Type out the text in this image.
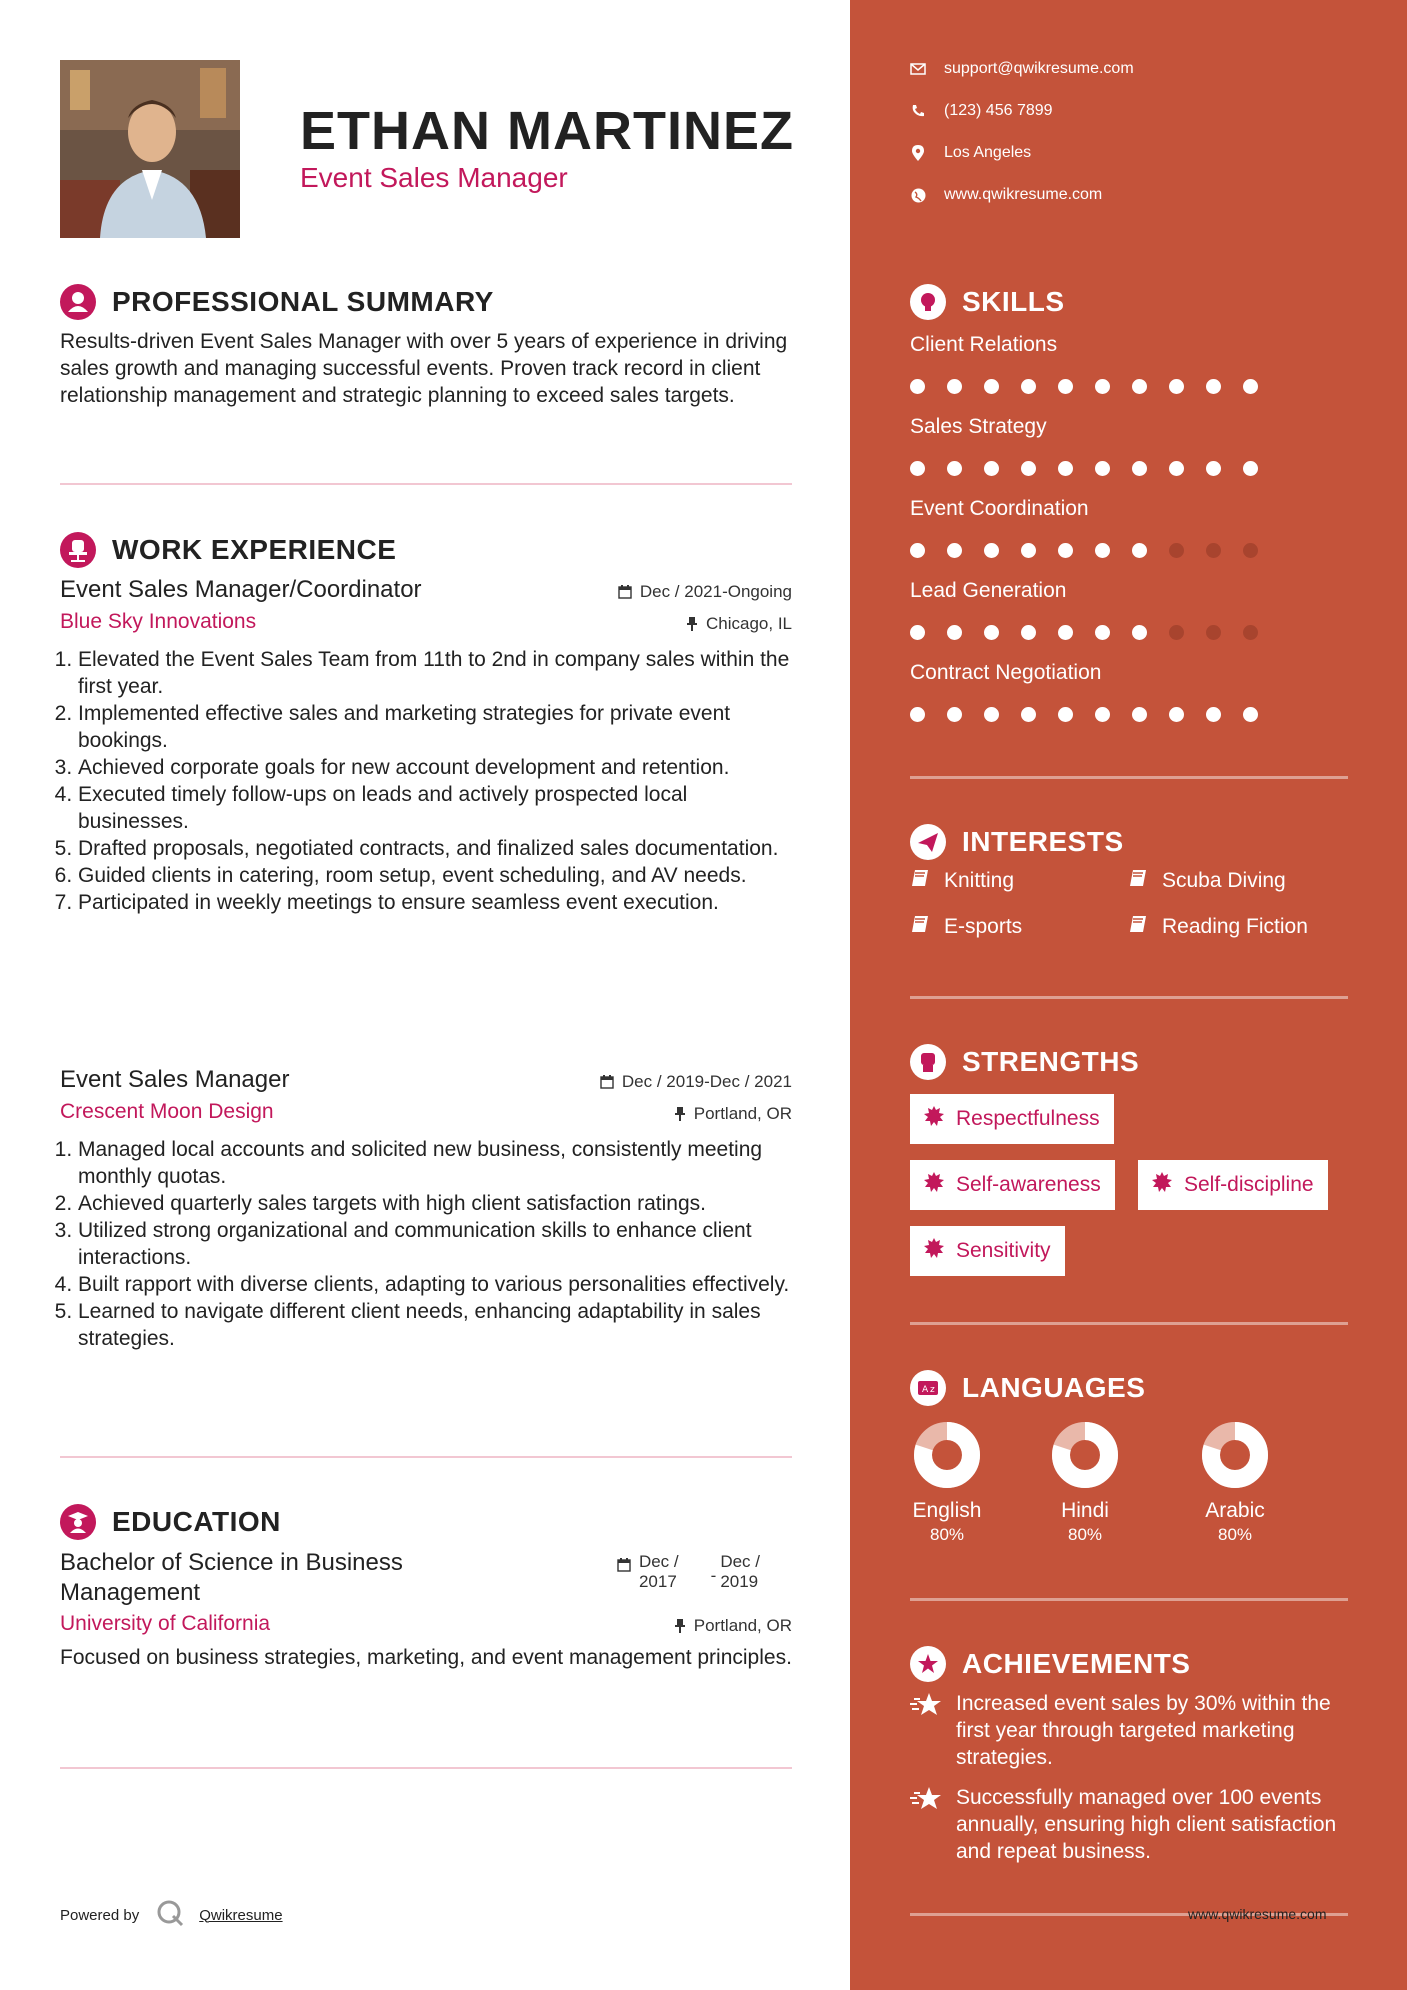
ETHAN MARTINEZ

Event Sales Manager

PROFESSIONAL SUMMARY
Results-driven Event Sales Manager with over 5 years of experience in driving sales growth and managing successful events. Proven track record in client relationship management and strategic planning to exceed sales targets.
WORK EXPERIENCE
Event Sales Manager/Coordinator	Dec / 2021-Ongoing
Blue Sky Innovations	Chicago, IL
1. Elevated the Event Sales Team from 11th to 2nd in company sales within the first year.
2. Implemented effective sales and marketing strategies for private event bookings.
3. Achieved corporate goals for new account development and retention.
4. Executed timely follow-ups on leads and actively prospected local businesses.
5. Drafted proposals, negotiated contracts, and finalized sales documentation.
6. Guided clients in catering, room setup, event scheduling, and AV needs.
7. Participated in weekly meetings to ensure seamless event execution.
Event Sales Manager	Dec / 2019-Dec / 2021
Crescent Moon Design	Portland, OR
1. Managed local accounts and solicited new business, consistently meeting monthly quotas.
2. Achieved quarterly sales targets with high client satisfaction ratings.
3. Utilized strong organizational and communication skills to enhance client interactions.
4. Built rapport with diverse clients, adapting to various personalities effectively.
5. Learned to navigate different client needs, enhancing adaptability in sales strategies.
EDUCATION
Bachelor of Science in Business Management
Dec /
2017 -
Dec /
2019
University of California	Portland, OR
Focused on business strategies, marketing, and event management principles.
Powered by	Qwikresume
support@qwikresume.com
(123) 456 7899
Los Angeles
www.qwikresume.com
SKILLS
Client Relations
Sales Strategy
Event Coordination
Lead Generation
Contract Negotiation
INTERESTS
Knitting	Scuba Diving
E-sports	Reading Fiction
STRENGTHS
Respectfulness
Self-awareness	Self-discipline
Sensitivity
A z LANGUAGES
English
80%
Hindi
80%
Arabic
80%
ACHIEVEMENTS
Increased event sales by 30% within the first year through targeted marketing strategies.
Successfully managed over 100 events annually, ensuring high client satisfaction and repeat business.
www.qwikresume.com
